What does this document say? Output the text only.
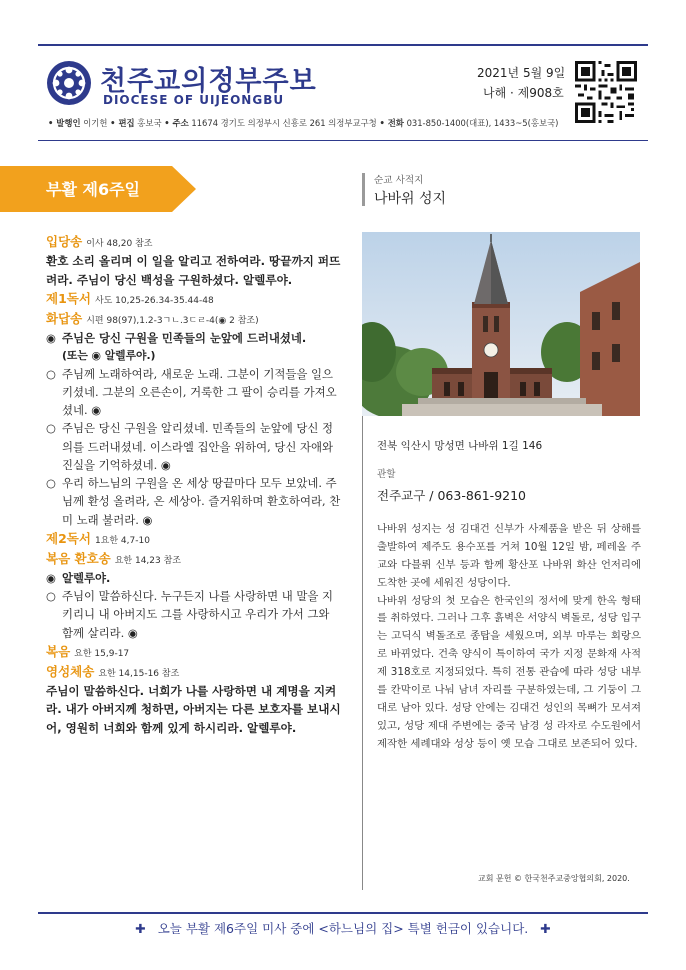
천주교의정부주보
DIOCESE OF UIJEONGBU
2021년 5월 9일
나해 · 제908호
• 발행인 이기헌 • 편집 홍보국 • 주소 11674 경기도 의정부시 신흥로 261 의정부교구청 • 전화 031-850-1400(대표), 1433~5(홍보국)
부활 제6주일

입당송 이사 48,20 참조

환호 소리 올리며 이 일을 알리고 전하여라. 땅끝까지 퍼뜨려라. 주님이 당신 백성을 구원하셨다. 알렐루야.

제1독서 사도 10,25-26.34-35.44-48

화답송 시편 98(97),1.2-3ㄱㄴ.3ㄷㄹ-4(◉ 2 참조)

◉ 주님은 당신 구원을 민족들의 눈앞에 드러내셨네.

(또는 ◉ 알렐루야.)

○ 주님께 노래하여라, 새로운 노래. 그분이 기적들을 일으키셨네. 그분의 오른손이, 거룩한 그 팔이 승리를 가져오셨네. ◉

○ 주님은 당신 구원을 알리셨네. 민족들의 눈앞에 당신 정의를 드러내셨네. 이스라엘 집안을 위하여, 당신 자애와 진실을 기억하셨네. ◉

○ 우리 하느님의 구원을 온 세상 땅끝마다 모두 보았네. 주님께 환성 올려라, 온 세상아. 즐거워하며 환호하여라, 찬미 노래 불러라. ◉

제2독서 1요한 4,7-10

복음 환호송 요한 14,23 참조

◉ 알렐루야.

○ 주님이 말씀하신다. 누구든지 나를 사랑하면 내 말을 지키리니 내 아버지도 그를 사랑하시고 우리가 가서 그와 함께 살리라. ◉

복음 요한 15,9-17

영성체송 요한 14,15-16 참조

주님이 말씀하신다. 너희가 나를 사랑하면 내 계명을 지켜라. 내가 아버지께 청하면, 아버지는 다른 보호자를 보내시어, 영원히 너희와 함께 있게 하시리라. 알렐루야.

순교 사적지
나바위 성지
전북 익산시 망성면 나바위 1길 146
관할
전주교구 / 063-861-9210

나바위 성지는 성 김대건 신부가 사제품을 받은 뒤 상해를 출발하여 제주도 용수포를 거쳐 10월 12일 밤, 페레올 주교와 다블뤼 신부 등과 함께 황산포 나바위 화산 언저리에 도착한 곳에 세워진 성당이다.

나바위 성당의 첫 모습은 한국인의 정서에 맞게 한옥 형태를 취하였다. 그러나 그후 흙벽은 서양식 벽돌로, 성당 입구는 고딕식 벽돌조로 종탑을 세웠으며, 외부 마루는 회랑으로 바뀌었다. 건축 양식이 특이하여 국가 지정 문화재 사적 제 318호로 지정되었다. 특히 전통 관습에 따라 성당 내부를 칸막이로 나눠 남녀 자리를 구분하였는데, 그 기둥이 그대로 남아 있다. 성당 안에는 김대건 성인의 목뼈가 모셔져 있고, 성당 제대 주변에는 중국 남경 성 라자로 수도원에서 제작한 세례대와 성상 등이 옛 모습 그대로 보존되어 있다.

교회 문헌 © 한국천주교중앙협의회, 2020.
✚ 오늘 부활 제6주일 미사 중에 <하느님의 집> 특별 헌금이 있습니다. ✚
